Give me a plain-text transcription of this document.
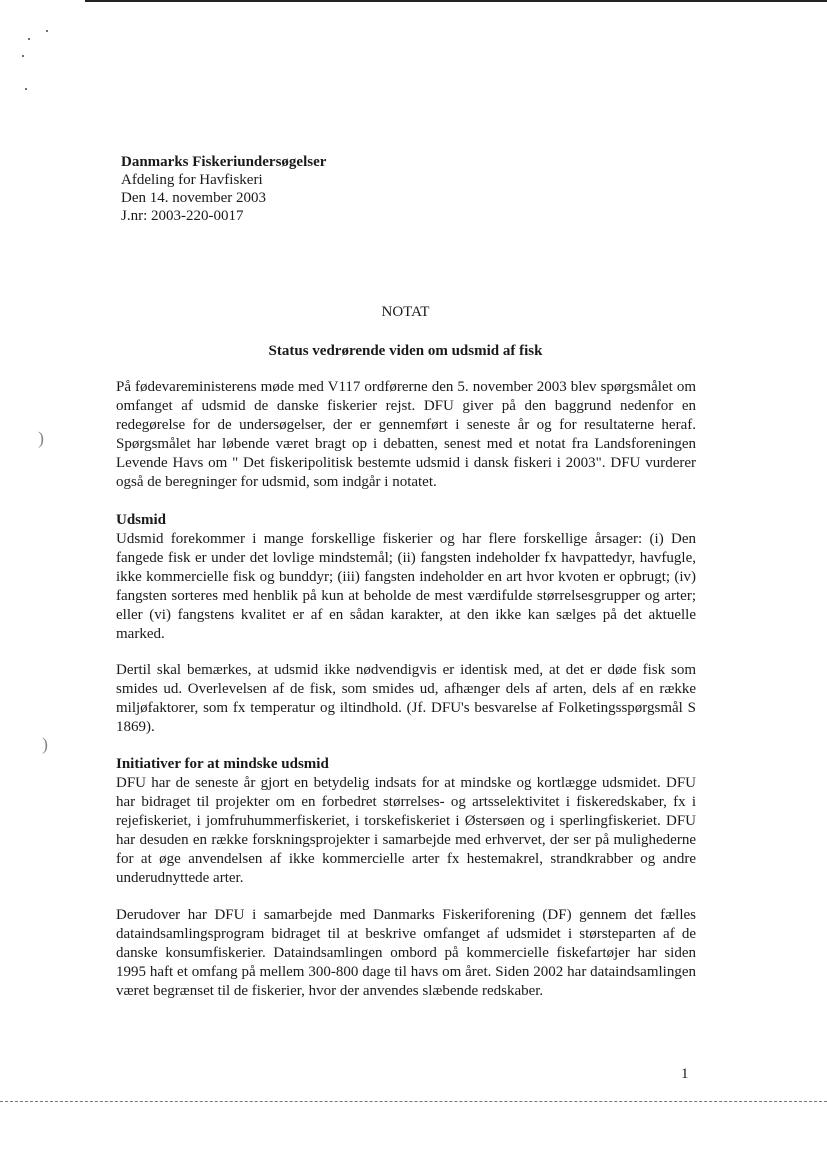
)
)
Danmarks Fiskeriundersøgelser
Afdeling for Havfiskeri
Den 14. november 2003
J.nr: 2003-220-0017
NOTAT
Status vedrørende viden om udsmid af fisk

På fødevareministerens møde med V117 ordførerne den 5. november 2003 blev spørgsmålet om omfanget af udsmid de danske fiskerier rejst. DFU giver på den baggrund nedenfor en redegørelse for de undersøgelser, der er gennemført i seneste år og for resultaterne heraf. Spørgsmålet har løbende været bragt op i debatten, senest med et notat fra Landsforeningen Levende Havs om " Det fiskeripolitisk bestemte udsmid i dansk fiskeri i 2003". DFU vurderer også de beregninger for udsmid, som indgår i notatet.

Udsmid

Udsmid forekommer i mange forskellige fiskerier og har flere forskellige årsager: (i) Den fangede fisk er under det lovlige mindstemål; (ii) fangsten indeholder fx havpattedyr, havfugle, ikke kommercielle fisk og bunddyr; (iii) fangsten indeholder en art hvor kvoten er opbrugt; (iv) fangsten sorteres med henblik på kun at beholde de mest værdifulde størrelsesgrupper og arter; eller (vi) fangstens kvalitet er af en sådan karakter, at den ikke kan sælges på det aktuelle marked.

Dertil skal bemærkes, at udsmid ikke nødvendigvis er identisk med, at det er døde fisk som smides ud. Overlevelsen af de fisk, som smides ud, afhænger dels af arten, dels af en række miljøfaktorer, som fx temperatur og iltindhold. (Jf. DFU's besvarelse af Folketingsspørgsmål S 1869).

Initiativer for at mindske udsmid

DFU har de seneste år gjort en betydelig indsats for at mindske og kortlægge udsmidet. DFU har bidraget til projekter om en forbedret størrelses- og artsselektivitet i fiskeredskaber, fx i rejefiskeriet, i jomfruhummerfiskeriet, i torskefiskeriet i Østersøen og i sperlingfiskeriet. DFU har desuden en række forskningsprojekter i samarbejde med erhvervet, der ser på mulighederne for at øge anvendelsen af ikke kommercielle arter fx hestemakrel, strandkrabber og andre underudnyttede arter.

Derudover har DFU i samarbejde med Danmarks Fiskeriforening (DF) gennem det fælles dataindsamlingsprogram bidraget til at beskrive omfanget af udsmidet i størsteparten af de danske konsumfiskerier. Dataindsamlingen ombord på kommercielle fiskefartøjer har siden 1995 haft et omfang på mellem 300-800 dage til havs om året. Siden 2002 har dataindsamlingen været begrænset til de fiskerier, hvor der anvendes slæbende redskaber.

1
